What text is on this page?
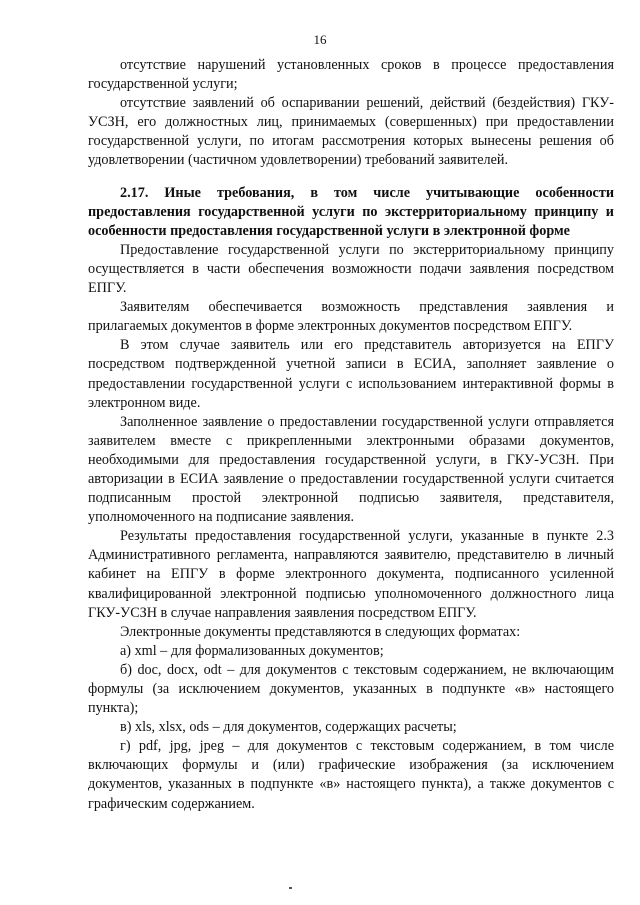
16

отсутствие нарушений установленных сроков в процессе предоставления государственной услуги;

отсутствие заявлений об оспаривании решений, действий (бездействия) ГКУ-УСЗН, его должностных лиц, принимаемых (совершенных) при предоставлении государственной услуги, по итогам рассмотрения которых вынесены решения об удовлетворении (частичном удовлетворении) требований заявителей.

2.17. Иные требования, в том числе учитывающие особенности предоставления государственной услуги по экстерриториальному принципу и особенности предоставления государственной услуги в электронной форме

Предоставление государственной услуги по экстерриториальному принципу осуществляется в части обеспечения возможности подачи заявления посредством ЕПГУ.

Заявителям обеспечивается возможность представления заявления и прилагаемых документов в форме электронных документов посредством ЕПГУ.

В этом случае заявитель или его представитель авторизуется на ЕПГУ посредством подтвержденной учетной записи в ЕСИА, заполняет заявление о предоставлении государственной услуги с использованием интерактивной формы в электронном виде.

Заполненное заявление о предоставлении государственной услуги отправляется заявителем вместе с прикрепленными электронными образами документов, необходимыми для предоставления государственной услуги, в ГКУ-УСЗН. При авторизации в ЕСИА заявление о предоставлении государственной услуги считается подписанным простой электронной подписью заявителя, представителя, уполномоченного на подписание заявления.

Результаты предоставления государственной услуги, указанные в пункте 2.3 Административного регламента, направляются заявителю, представителю в личный кабинет на ЕПГУ в форме электронного документа, подписанного усиленной квалифицированной электронной подписью уполномоченного должностного лица ГКУ-УСЗН в случае направления заявления посредством ЕПГУ.

Электронные документы представляются в следующих форматах:

а) xml – для формализованных документов;

б) doc, docx, odt – для документов с текстовым содержанием, не включающим формулы (за исключением документов, указанных в подпункте «в» настоящего пункта);

в) xls, xlsx, ods – для документов, содержащих расчеты;

г) pdf, jpg, jpeg – для документов с текстовым содержанием, в том числе включающих формулы и (или) графические изображения (за исключением документов, указанных в подпункте «в» настоящего пункта), а также документов с графическим содержанием.
